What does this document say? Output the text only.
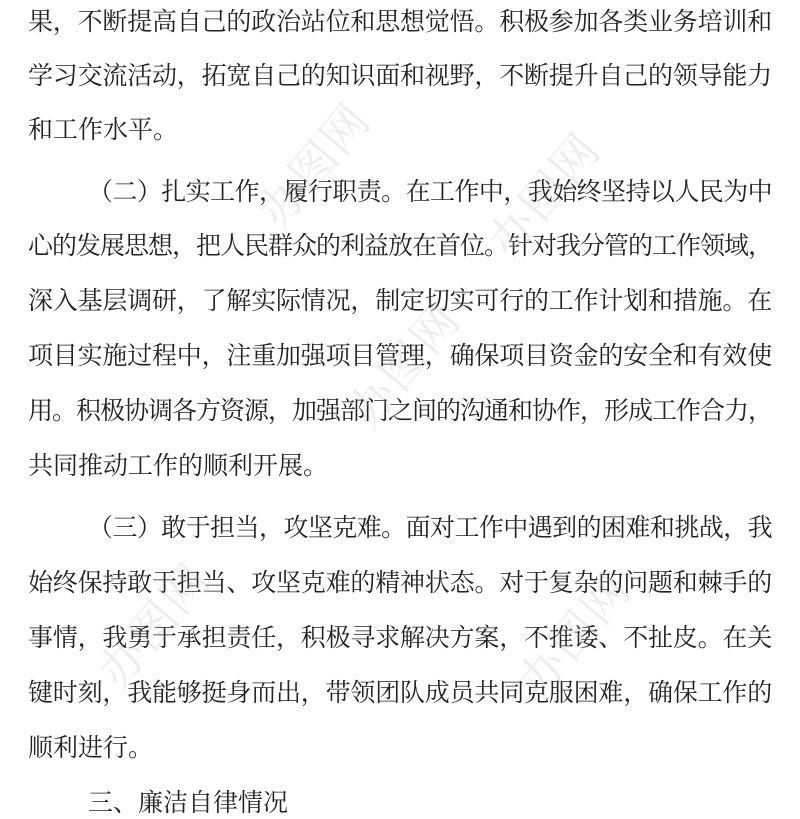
果，不断提高自己的政治站位和思想觉悟。积极参加各类业务培训和
学习交流活动，拓宽自己的知识面和视野，不断提升自己的领导能力
和工作水平。
（二）扎实工作，履行职责。在工作中，我始终坚持以人民为中
心的发展思想，把人民群众的利益放在首位。针对我分管的工作领域，
深入基层调研，了解实际情况，制定切实可行的工作计划和措施。在
项目实施过程中，注重加强项目管理，确保项目资金的安全和有效使
用。积极协调各方资源，加强部门之间的沟通和协作，形成工作合力，
共同推动工作的顺利开展。
（三）敢于担当，攻坚克难。面对工作中遇到的困难和挑战，我
始终保持敢于担当、攻坚克难的精神状态。对于复杂的问题和棘手的
事情，我勇于承担责任，积极寻求解决方案，不推诿、不扯皮。在关
键时刻，我能够挺身而出，带领团队成员共同克服困难，确保工作的
顺利进行。
三、廉洁自律情况
办图网 办图网
办图网
办图网	办图网
